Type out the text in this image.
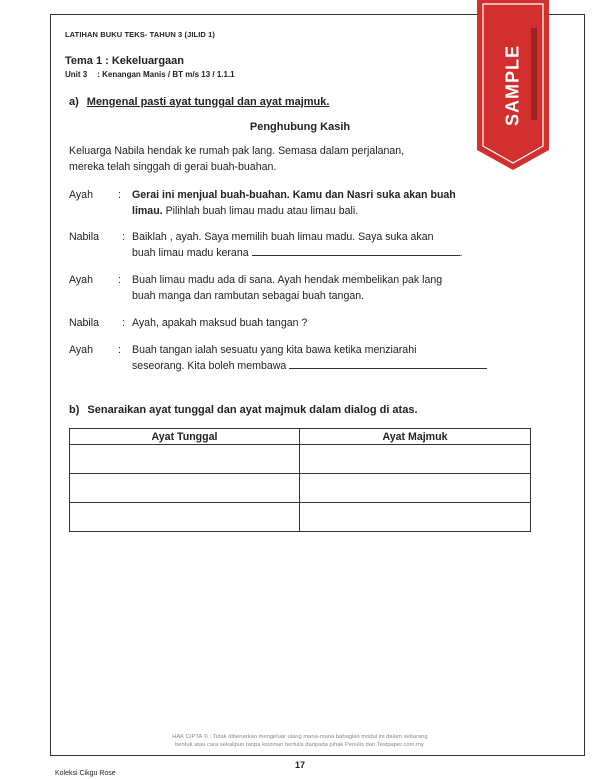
LATIHAN BUKU TEKS- TAHUN 3 (JILID 1)
Tema 1 : Kekeluargaan
Unit 3 : Kenangan Manis / BT m/s 13 / 1.1.1
a) Mengenal pasti ayat tunggal dan ayat majmuk.
Penghubung Kasih
Keluarga Nabila hendak ke rumah pak lang. Semasa dalam perjalanan,
mereka telah singgah di gerai buah-buahan.
Ayah : Gerai ini menjual buah-buahan. Kamu dan Nasri suka akan buah
limau. Pilihlah buah limau madu atau limau bali.
Nabila : Baiklah , ayah. Saya memilih buah limau madu. Saya suka akan
buah limau madu kerana	.
Ayah : Buah limau madu ada di sana. Ayah hendak membelikan pak lang
buah manga dan rambutan sebagai buah tangan.
Nabila : Ayah, apakah maksud buah tangan ?
Ayah : Buah tangan ialah sesuatu yang kita bawa ketika menziarahi
seseorang. Kita boleh membawa
b) Senaraikan ayat tunggal dan ayat majmuk dalam dialog di atas.
Ayat Tunggal	Ayat Majmuk

HAK CIPTA © : Tidak dibenarkan mengeluar ulang mana-mana bahagian modul ini dalam sebarang
bentuk atau cara sekalipun tanpa keizinan bertulis daripada pihak Penulis dan Testpaper.com.my.
17
Koleksi Cikgu Rose
SAMPLE
